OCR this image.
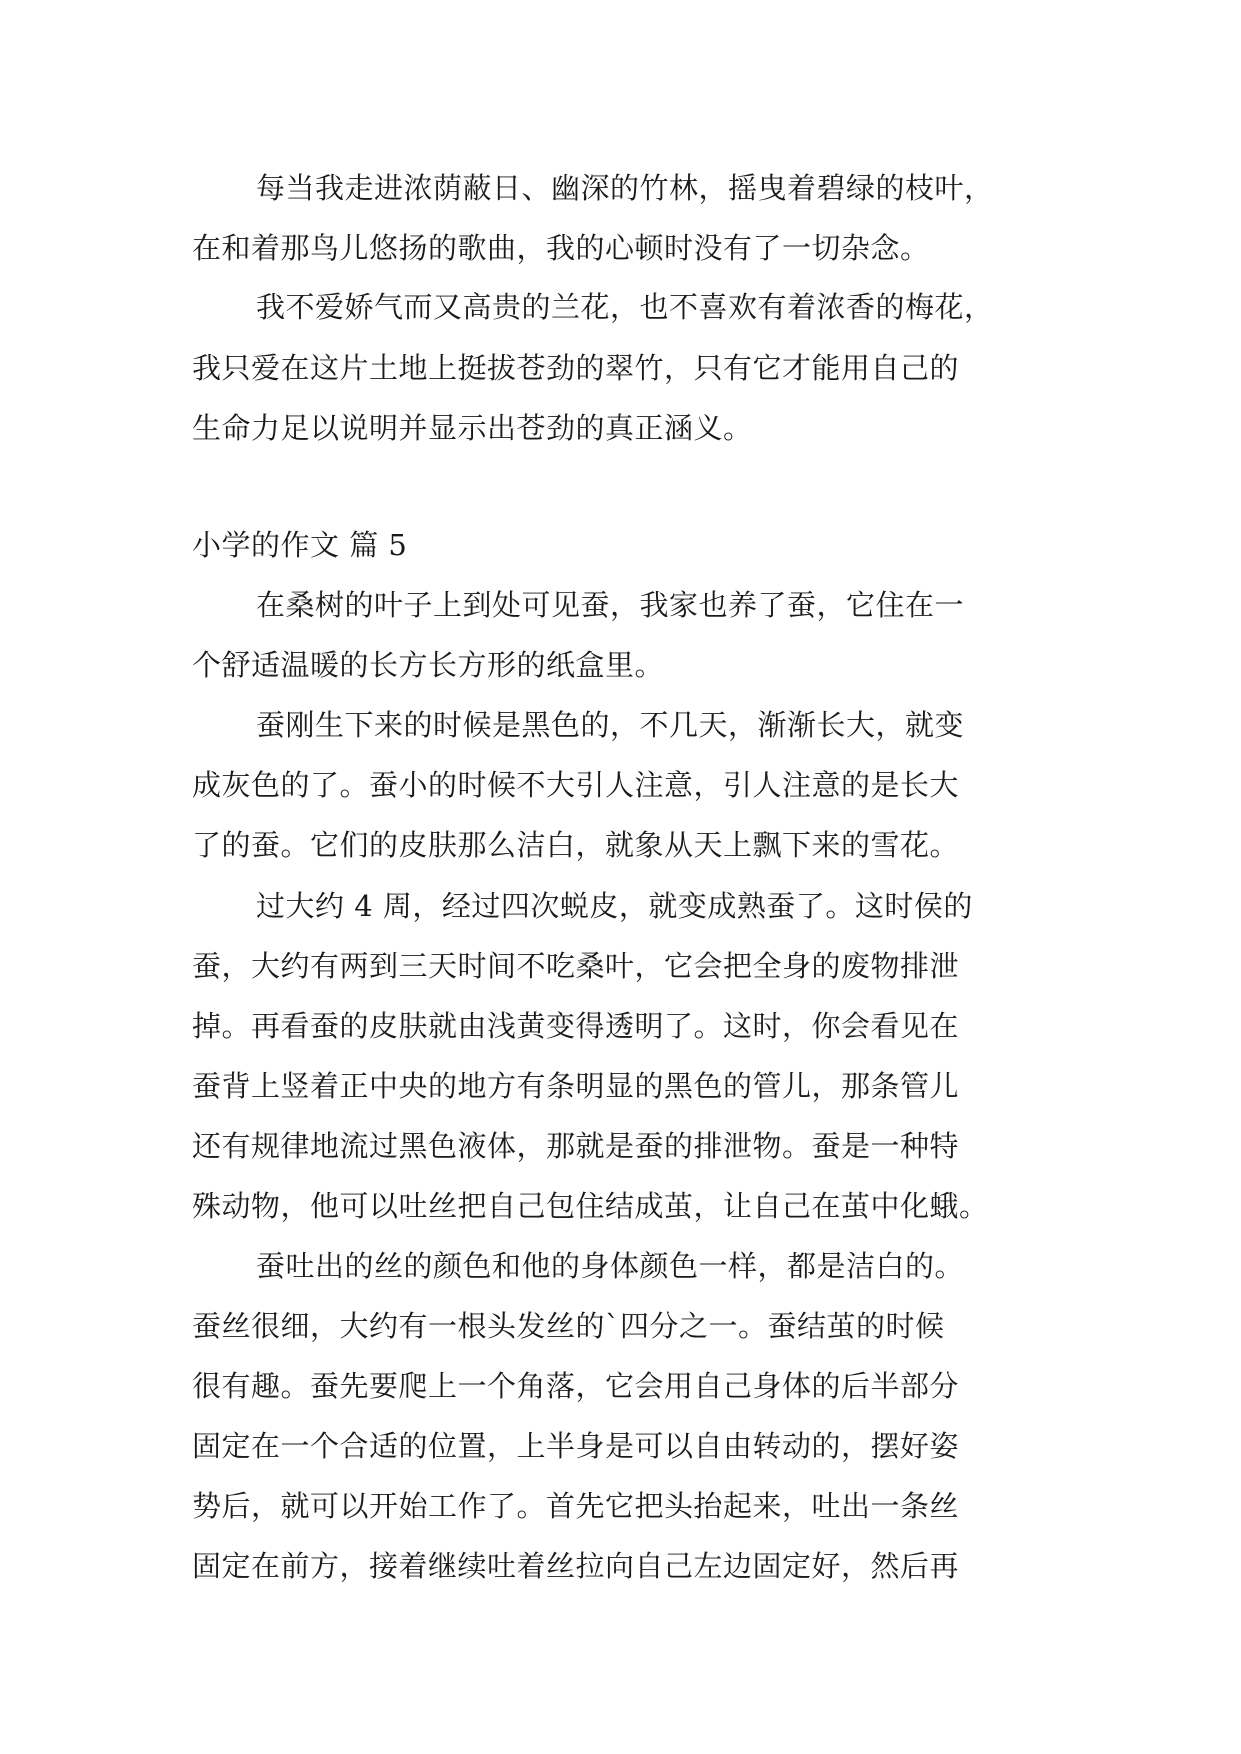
每当我走进浓荫蔽日、幽深的竹林，摇曳着碧绿的枝叶，
在和着那鸟儿悠扬的歌曲，我的心顿时没有了一切杂念。
我不爱娇气而又高贵的兰花，也不喜欢有着浓香的梅花，
我只爱在这片土地上挺拔苍劲的翠竹，只有它才能用自己的
生命力足以说明并显示出苍劲的真正涵义。
小学的作文 篇 5
在桑树的叶子上到处可见蚕，我家也养了蚕，它住在一
个舒适温暖的长方长方形的纸盒里。
蚕刚生下来的时候是黑色的，不几天，渐渐长大，就变
成灰色的了。蚕小的时候不大引人注意，引人注意的是长大
了的蚕。它们的皮肤那么洁白，就象从天上飘下来的雪花。
过大约 4 周，经过四次蜕皮，就变成熟蚕了。这时侯的
蚕，大约有两到三天时间不吃桑叶，它会把全身的废物排泄
掉。再看蚕的皮肤就由浅黄变得透明了。这时，你会看见在
蚕背上竖着正中央的地方有条明显的黑色的管儿，那条管儿
还有规律地流过黑色液体，那就是蚕的排泄物。蚕是一种特
殊动物，他可以吐丝把自己包住结成茧，让自己在茧中化蛾。
蚕吐出的丝的颜色和他的身体颜色一样，都是洁白的。
蚕丝很细，大约有一根头发丝的`四分之一。蚕结茧的时候
很有趣。蚕先要爬上一个角落，它会用自己身体的后半部分
固定在一个合适的位置，上半身是可以自由转动的，摆好姿
势后，就可以开始工作了。首先它把头抬起来，吐出一条丝
固定在前方，接着继续吐着丝拉向自己左边固定好，然后再
